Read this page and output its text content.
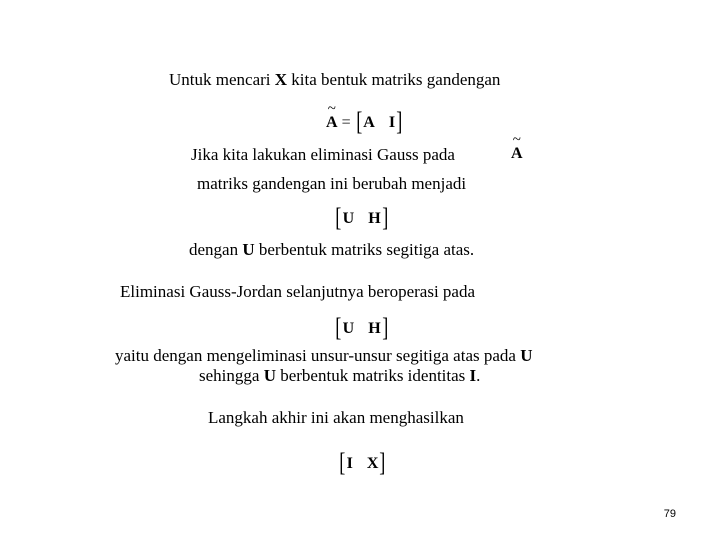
Untuk mencari X kita bentuk matriks gandengan
~ A = [A I]
Jika kita lakukan eliminasi Gauss pada
~	A
matriks gandengan ini berubah menjadi
[U H]
dengan U berbentuk matriks segitiga atas.
Eliminasi Gauss-Jordan selanjutnya beroperasi pada
[U H]
yaitu dengan mengeliminasi unsur-unsur segitiga atas pada U
sehingga U berbentuk matriks identitas I.
Langkah akhir ini akan menghasilkan
[I X]
79
